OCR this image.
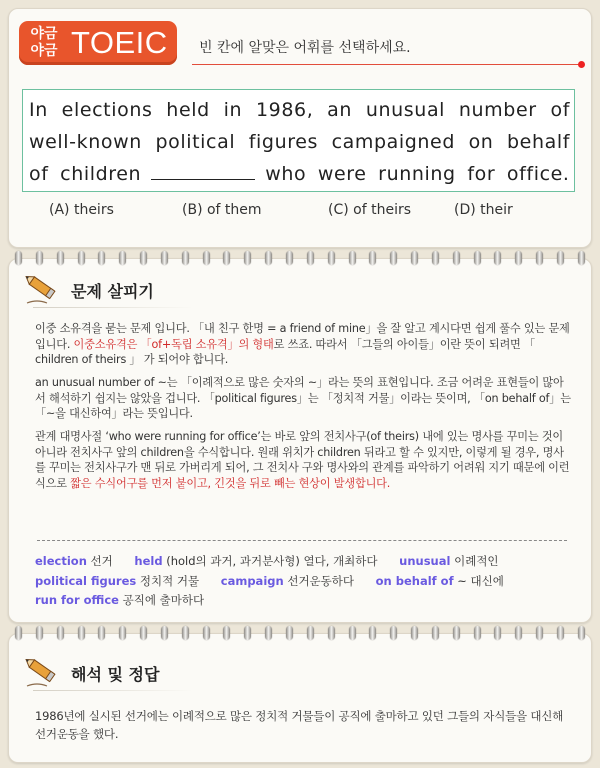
야금
야금 TOEIC 빈 칸에 알맞은 어휘를 선택하세요.
In elections held in 1986, an unusual number of well-known political figures campaigned on behalf of children	who were running for office.
(A) theirs	(B) of them	(C) of theirs	(D) their
문제 살피기
이중 소유격을 묻는 문제 입니다. 「내 친구 한명 = a friend of mine」을 잘 알고 계시다면 쉽게 풀수 있는 문제 입니다. 이중소유격은 「of+독립 소유격」의 형태로 쓰죠. 따라서 「그들의 아이들」이란 뜻이 되려면 「 children of theirs 」 가 되어야 합니다.
an unusual number of ~는 「이례적으로 많은 숫자의 ~」라는 뜻의 표현입니다. 조금 어려운 표현들이 많아서 해석하기 쉽지는 않았을 겁니다. 「political figures」는 「정치적 거물」이라는 뜻이며, 「on behalf of」는 「~을 대신하여」라는 뜻입니다.
관계 대명사절 ‘who were running for office’는 바로 앞의 전치사구(of theirs) 내에 있는 명사를 꾸미는 것이 아니라 전치사구 앞의 children을 수식합니다. 원래 위치가 children 뒤라고 할 수 있지만, 이렇게 될 경우, 명사를 꾸미는 전치사구가 맨 뒤로 가버리게 되어, 그 전치사 구와 명사와의 관계를 파악하기 어려워 지기 때문에 이런식으로 짧은 수식어구를 먼저 붙이고, 긴것을 뒤로 빼는 현상이 발생합니다.
election 선거 held (hold의 과거, 과거분사형) 열다, 개최하다 unusual 이례적인
political figures 정치적 거물 campaign 선거운동하다 on behalf of ~ 대신에
run for office 공직에 출마하다
해석 및 정답
1986년에 실시된 선거에는 이례적으로 많은 정치적 거물들이 공직에 출마하고 있던 그들의 자식들을 대신해 선거운동을 했다.
